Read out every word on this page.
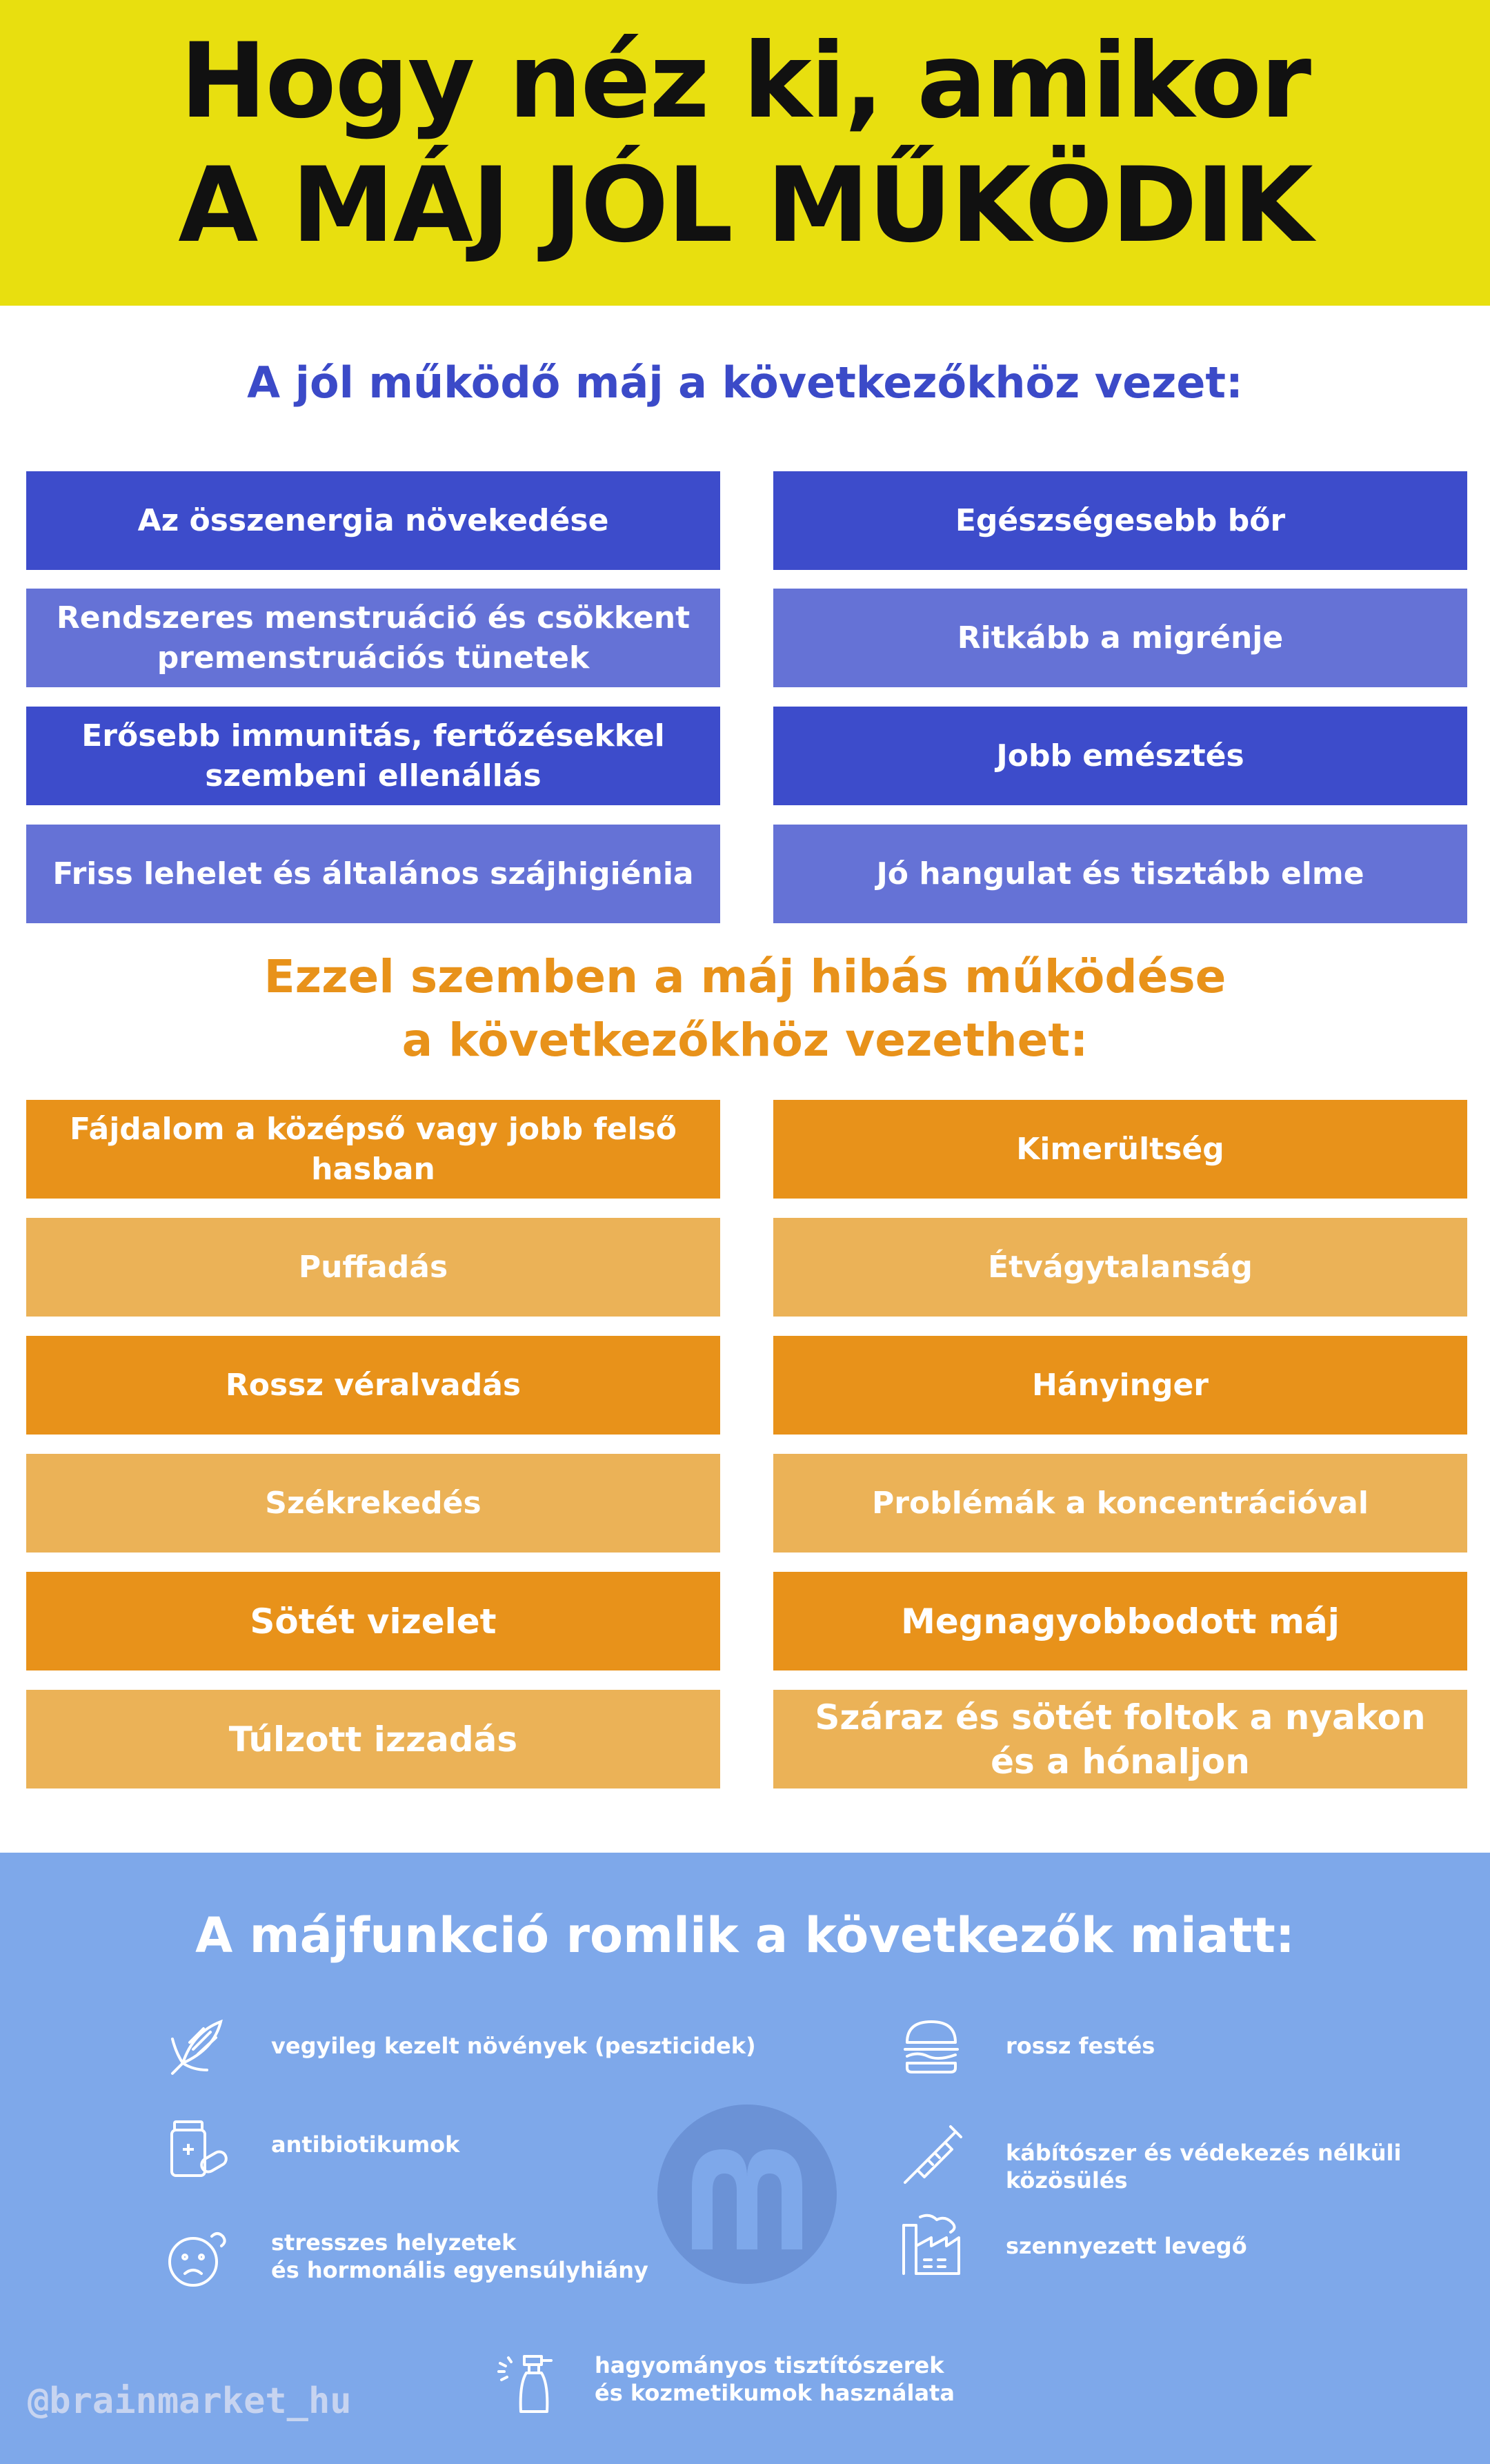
Hogy néz ki, amikor
A MÁJ JÓL MŰKÖDIK
A jól működő máj a következőkhöz vezet:
Az összenergia növekedése	Egészségesebb bőr
Rendszeres menstruáció és csökkent premenstruációs tünetek
Ritkább a migrénje
Erősebb immunitás, fertőzésekkel szembeni ellenállás
Jobb emésztés
Friss lehelet és általános szájhigiénia	Jó hangulat és tisztább elme
Ezzel szemben a máj hibás működése
a következőkhöz vezethet:
Fájdalom a középső vagy jobb felső hasban
Kimerültség
Puffadás	Étvágytalanság
Rossz véralvadás	Hányinger
Székrekedés	Problémák a koncentrációval
Sötét vizelet	Megnagyobbodott máj
Túlzott izzadás
Száraz és sötét foltok a nyakon és a hónaljon
A májfunkció romlik a következők miatt:
vegyileg kezelt növények (peszticidek)
antibiotikumok
stresszes helyzetek
és hormonális egyensúlyhiány
rossz festés
kábítószer és védekezés nélküli közösülés
szennyezett levegő
hagyományos tisztítószerek
és kozmetikumok használata
@brainmarket_hu
